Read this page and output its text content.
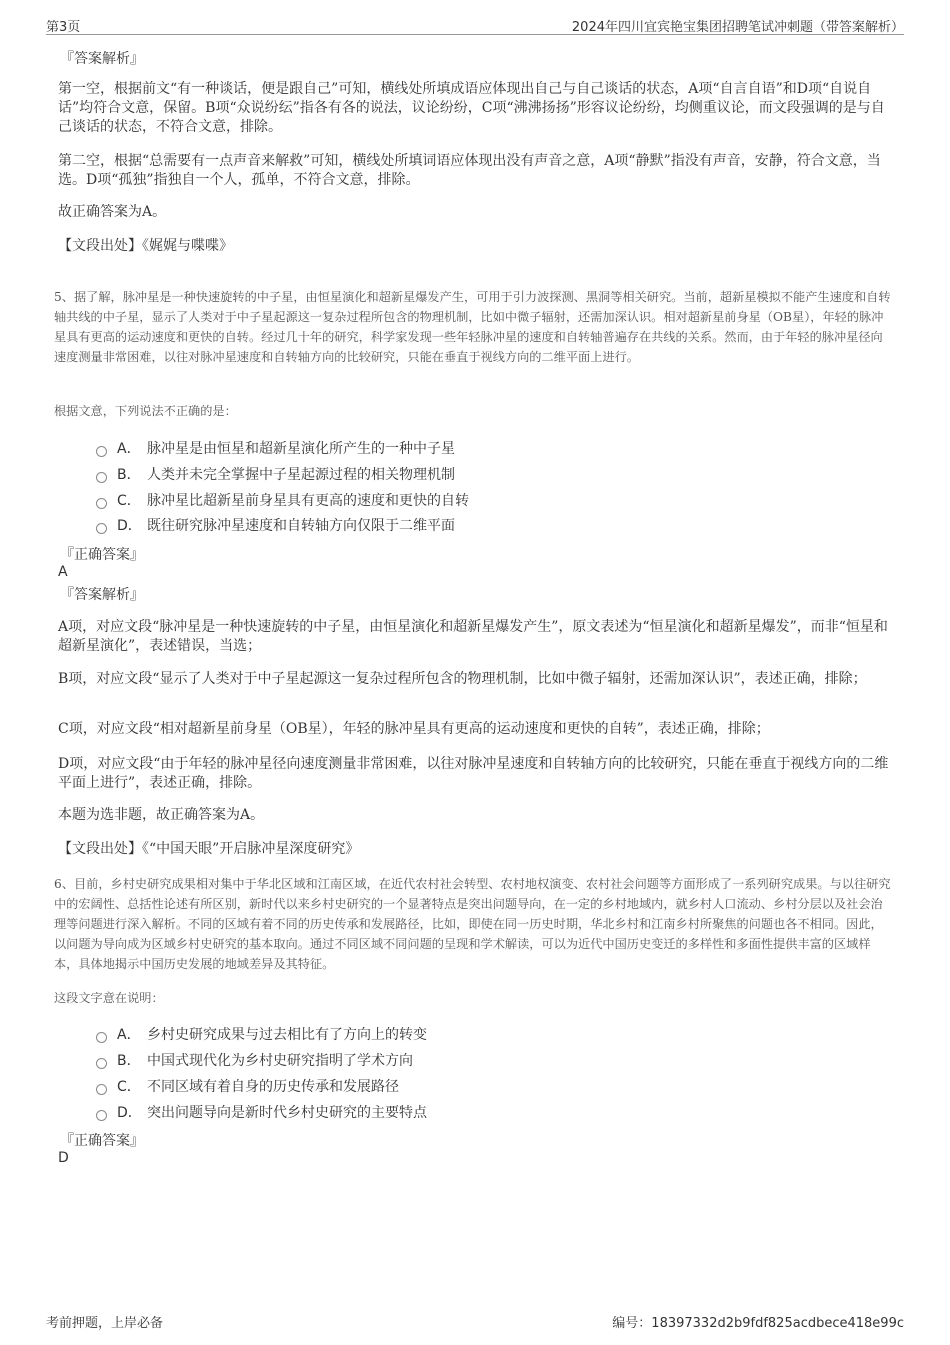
第3页	2024年四川宜宾艳宝集团招聘笔试冲刺题（带答案解析）
『答案解析』
第一空，根据前文“有一种谈话，便是跟自己”可知，横线处所填成语应体现出自己与自己谈话的状态，A项“自言自语”和D项“自说自话”均符合文意，保留。B项“众说纷纭”指各有各的说法，议论纷纷，C项“沸沸扬扬”形容议论纷纷，均侧重议论，而文段强调的是与自己谈话的状态，不符合文意，排除。
第二空，根据“总需要有一点声音来解救”可知，横线处所填词语应体现出没有声音之意，A项“静默”指没有声音，安静，符合文意，当选。D项“孤独”指独自一个人，孤单，不符合文意，排除。
故正确答案为A。
【文段出处】《娓娓与喋喋》
5、据了解，脉冲星是一种快速旋转的中子星，由恒星演化和超新星爆发产生，可用于引力波探测、黑洞等相关研究。当前，超新星模拟不能产生速度和自转轴共线的中子星，显示了人类对于中子星起源这一复杂过程所包含的物理机制，比如中微子辐射，还需加深认识。相对超新星前身星（OB星），年轻的脉冲星具有更高的运动速度和更快的自转。经过几十年的研究，科学家发现一些年轻脉冲星的速度和自转轴普遍存在共线的关系。然而，由于年轻的脉冲星径向速度测量非常困难，以往对脉冲星速度和自转轴方向的比较研究，只能在垂直于视线方向的二维平面上进行。
根据文意，下列说法不正确的是：
A． 脉冲星是由恒星和超新星演化所产生的一种中子星
B． 人类并未完全掌握中子星起源过程的相关物理机制
C． 脉冲星比超新星前身星具有更高的速度和更快的自转
D． 既往研究脉冲星速度和自转轴方向仅限于二维平面
『正确答案』
A
『答案解析』
A项，对应文段“脉冲星是一种快速旋转的中子星，由恒星演化和超新星爆发产生”，原文表述为“恒星演化和超新星爆发”，而非“恒星和超新星演化”，表述错误，当选；
B项，对应文段“显示了人类对于中子星起源这一复杂过程所包含的物理机制，比如中微子辐射，还需加深认识”，表述正确，排除；
C项，对应文段“相对超新星前身星（OB星），年轻的脉冲星具有更高的运动速度和更快的自转”，表述正确，排除；
D项，对应文段“由于年轻的脉冲星径向速度测量非常困难，以往对脉冲星速度和自转轴方向的比较研究，只能在垂直于视线方向的二维平面上进行”，表述正确，排除。
本题为选非题，故正确答案为A。
【文段出处】《“中国天眼”开启脉冲星深度研究》
6、目前，乡村史研究成果相对集中于华北区域和江南区域，在近代农村社会转型、农村地权演变、农村社会问题等方面形成了一系列研究成果。与以往研究中的宏阔性、总括性论述有所区别，新时代以来乡村史研究的一个显著特点是突出问题导向，在一定的乡村地域内，就乡村人口流动、乡村分层以及社会治理等问题进行深入解析。不同的区域有着不同的历史传承和发展路径，比如，即使在同一历史时期，华北乡村和江南乡村所聚焦的问题也各不相同。因此，以问题为导向成为区域乡村史研究的基本取向。通过不同区域不同问题的呈现和学术解读，可以为近代中国历史变迁的多样性和多面性提供丰富的区域样本，具体地揭示中国历史发展的地域差异及其特征。
这段文字意在说明：
A． 乡村史研究成果与过去相比有了方向上的转变
B． 中国式现代化为乡村史研究指明了学术方向
C． 不同区域有着自身的历史传承和发展路径
D． 突出问题导向是新时代乡村史研究的主要特点
『正确答案』
D
考前押题，上岸必备	编号：18397332d2b9fdf825acdbece418e99c
